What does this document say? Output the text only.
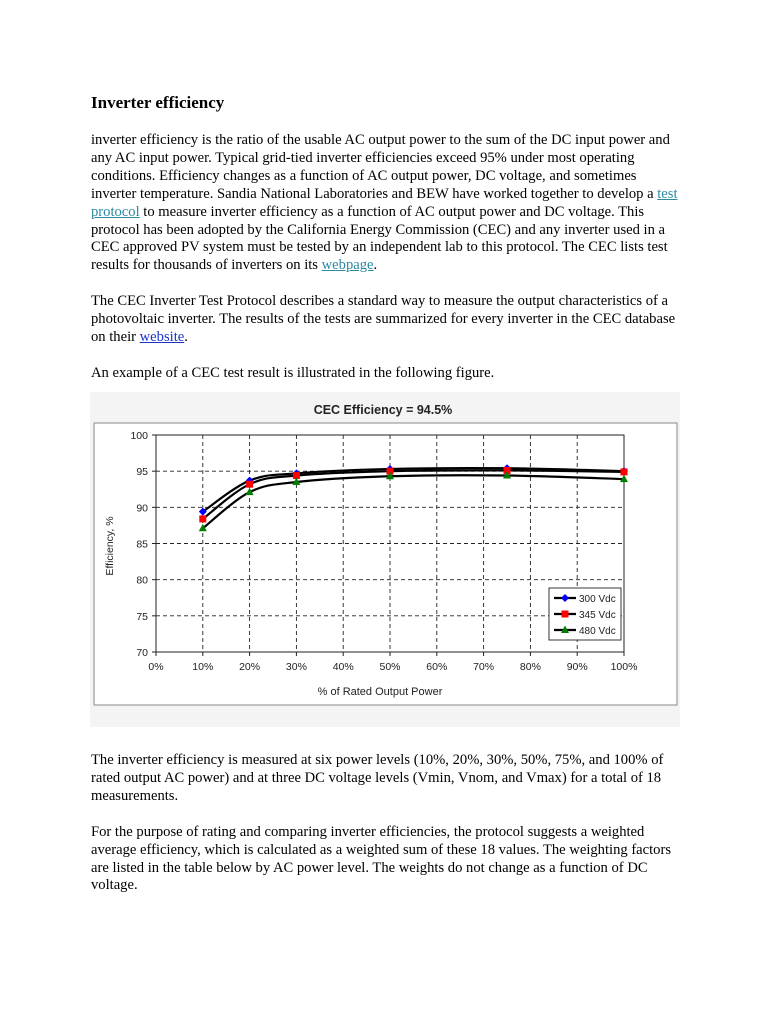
Inverter efficiency

inverter efficiency is the ratio of the usable AC output power to the sum of the DC input power and any AC input power. Typical grid-tied inverter efficiencies exceed 95% under most operating conditions. Efficiency changes as a function of AC output power, DC voltage, and sometimes inverter temperature. Sandia National Laboratories and BEW have worked together to develop a test protocol to measure inverter efficiency as a function of AC output power and DC voltage. This protocol has been adopted by the California Energy Commission (CEC) and any inverter used in a CEC approved PV system must be tested by an independent lab to this protocol. The CEC lists test results for thousands of inverters on its webpage.

The CEC Inverter Test Protocol describes a standard way to measure the output characteristics of a photovoltaic inverter. The results of the tests are summarized for every inverter in the CEC database on their website.

An example of a CEC test result is illustrated in the following figure.

CEC Efficiency = 94.5%
70
75
80
85
90
95
100
0%	10% 20% 30% 40% 50% 60% 70% 80% 90% 100%
300 Vdc
345 Vdc
480 Vdc
% of Rated Output Power
Efficiency, %

The inverter efficiency is measured at six power levels (10%, 20%, 30%, 50%, 75%, and 100% of rated output AC power) and at three DC voltage levels (Vmin, Vnom, and Vmax) for a total of 18 measurements.

For the purpose of rating and comparing inverter efficiencies, the protocol suggests a weighted average efficiency, which is calculated as a weighted sum of these 18 values. The weighting factors are listed in the table below by AC power level. The weights do not change as a function of DC voltage.
